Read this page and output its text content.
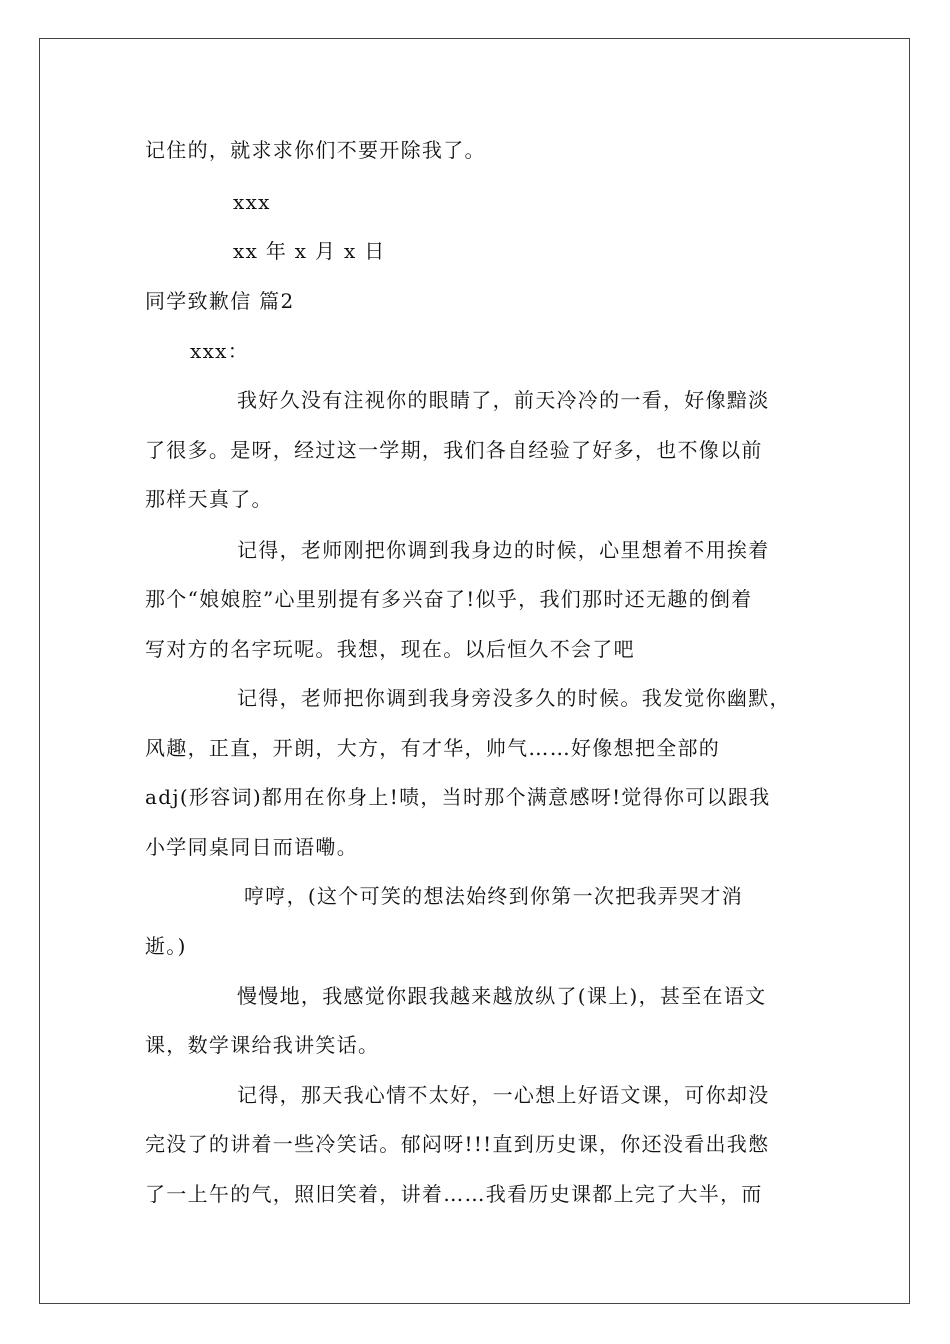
记住的，就求求你们不要开除我了。
xxx
xx 年 x 月 x 日
同学致歉信 篇2
xxx：
我好久没有注视你的眼睛了，前天冷冷的一看，好像黯淡
了很多。是呀，经过这一学期，我们各自经验了好多，也不像以前
那样天真了。
记得，老师刚把你调到我身边的时候，心里想着不用挨着
那个“娘娘腔”心里别提有多兴奋了!似乎，我们那时还无趣的倒着
写对方的名字玩呢。我想，现在。以后恒久不会了吧
记得，老师把你调到我身旁没多久的时候。我发觉你幽默，
风趣，正直，开朗，大方，有才华，帅气……好像想把全部的
adj(形容词)都用在你身上!啧，当时那个满意感呀!觉得你可以跟我
小学同桌同日而语嘞。
哼哼，(这个可笑的想法始终到你第一次把我弄哭才消
逝。)
慢慢地，我感觉你跟我越来越放纵了(课上)，甚至在语文
课，数学课给我讲笑话。
记得，那天我心情不太好，一心想上好语文课，可你却没
完没了的讲着一些冷笑话。郁闷呀!!!直到历史课，你还没看出我憋
了一上午的气，照旧笑着，讲着……我看历史课都上完了大半，而
